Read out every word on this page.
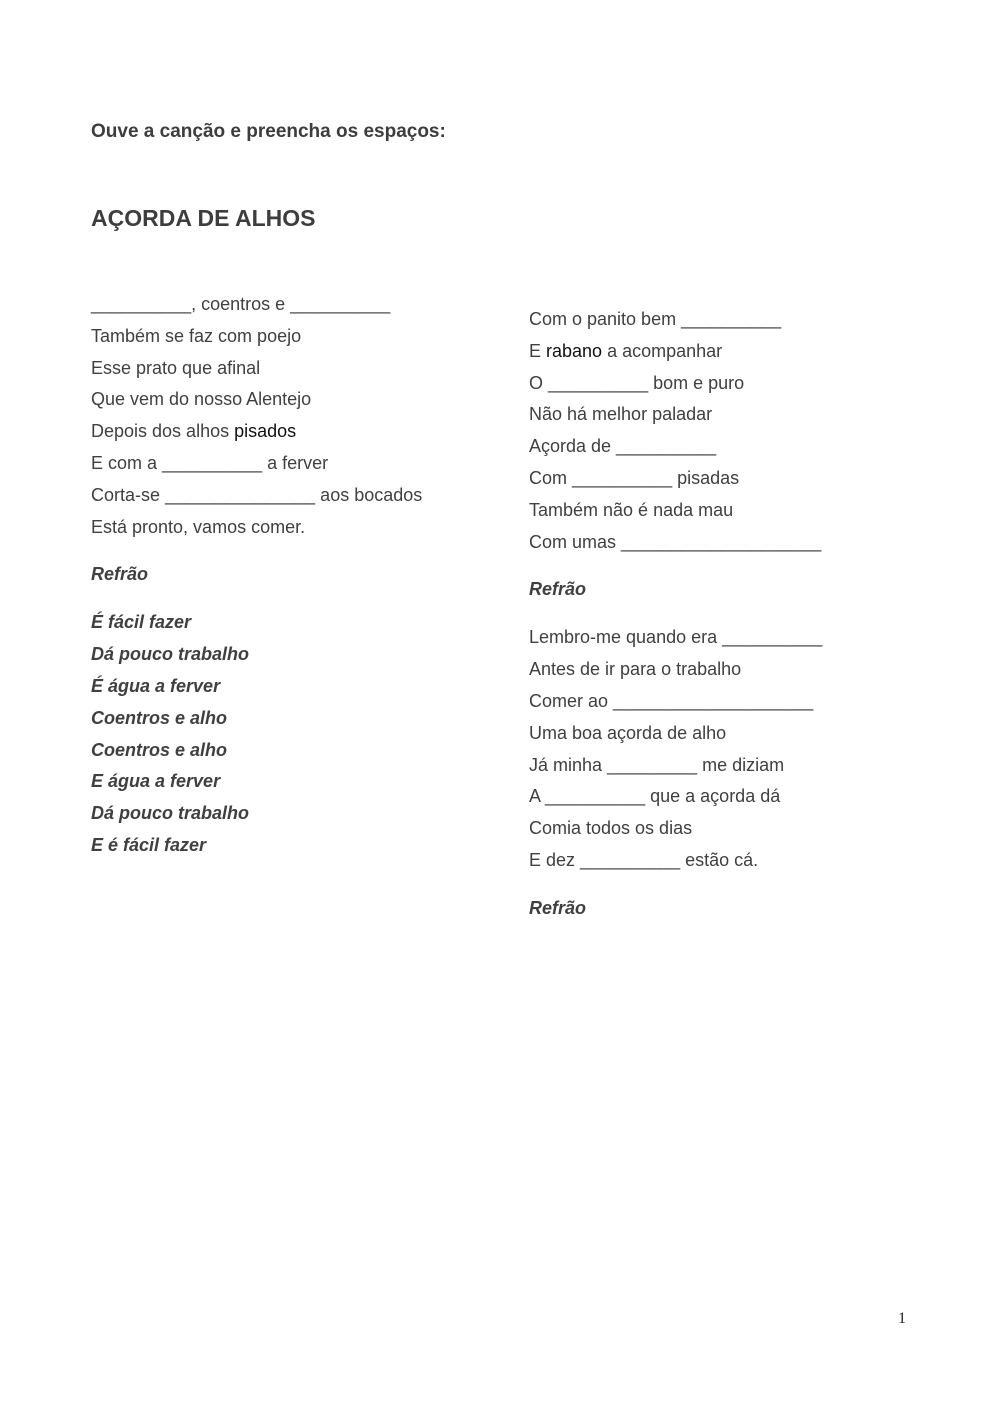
Ouve a canção e preencha os espaços:
AÇORDA DE ALHOS
__________, coentros e __________
Também se faz com poejo
Esse prato que afinal
Que vem do nosso Alentejo
Depois dos alhos pisados
E com a __________ a ferver
Corta-se _______________ aos bocados
Está pronto, vamos comer.
Refrão
É fácil fazer
Dá pouco trabalho
É água a ferver
Coentros e alho
Coentros e alho
E água a ferver
Dá pouco trabalho
E é fácil fazer
Com o panito bem __________
E rabano a acompanhar
O __________ bom e puro
Não há melhor paladar
Açorda de __________
Com __________ pisadas
Também não é nada mau
Com umas ____________________
Refrão
Lembro-me quando era __________
Antes de ir para o trabalho
Comer ao ____________________
Uma boa açorda de alho
Já minha _________ me diziam
A __________ que a açorda dá
Comia todos os dias
E dez __________ estão cá.
Refrão
1
